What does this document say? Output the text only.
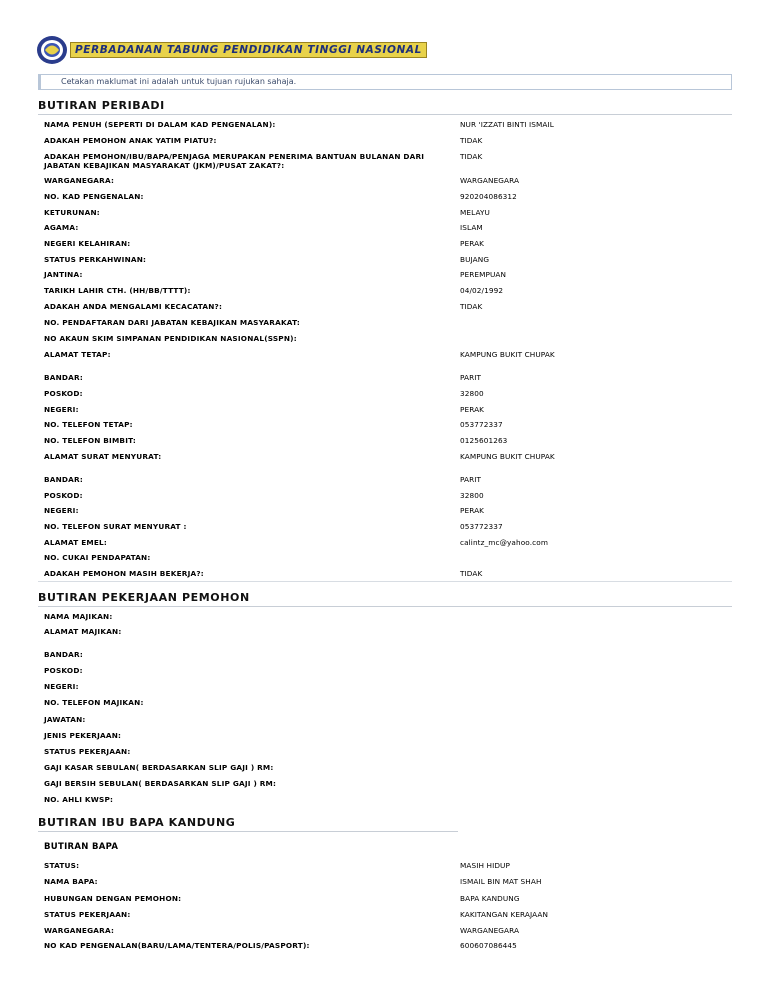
PERBADANAN TABUNG PENDIDIKAN TINGGI NASIONAL
Cetakan maklumat ini adalah untuk tujuan rujukan sahaja.
BUTIRAN PERIBADI
NAMA PENUH (SEPERTI DI DALAM KAD PENGENALAN):	NUR 'IZZATI BINTI ISMAIL
ADAKAH PEMOHON ANAK YATIM PIATU?:	TIDAK
ADAKAH PEMOHON/IBU/BAPA/PENJAGA MERUPAKAN PENERIMA BANTUAN BULANAN DARI JABATAN KEBAJIKAN MASYARAKAT (JKM)/PUSAT ZAKAT?:
TIDAK
WARGANEGARA:	WARGANEGARA
NO. KAD PENGENALAN:	920204086312
KETURUNAN:	MELAYU
AGAMA:	ISLAM
NEGERI KELAHIRAN:	PERAK
STATUS PERKAHWINAN:	BUJANG
JANTINA:	PEREMPUAN
TARIKH LAHIR CTH. (HH/BB/TTTT):	04/02/1992
ADAKAH ANDA MENGALAMI KECACATAN?:	TIDAK
NO. PENDAFTARAN DARI JABATAN KEBAJIKAN MASYARAKAT:
NO AKAUN SKIM SIMPANAN PENDIDIKAN NASIONAL(SSPN):
ALAMAT TETAP:	KAMPUNG BUKIT CHUPAK
BANDAR:	PARIT
POSKOD:	32800
NEGERI:	PERAK
NO. TELEFON TETAP:	053772337
NO. TELEFON BIMBIT:	0125601263
ALAMAT SURAT MENYURAT:	KAMPUNG BUKIT CHUPAK
BANDAR:	PARIT
POSKOD:	32800
NEGERI:	PERAK
NO. TELEFON SURAT MENYURAT :	053772337
ALAMAT EMEL:	calintz_mc@yahoo.com
NO. CUKAI PENDAPATAN:
ADAKAH PEMOHON MASIH BEKERJA?:	TIDAK
BUTIRAN PEKERJAAN PEMOHON
NAMA MAJIKAN:
ALAMAT MAJIKAN:
BANDAR:
POSKOD:
NEGERI:
NO. TELEFON MAJIKAN:
JAWATAN:
JENIS PEKERJAAN:
STATUS PEKERJAAN:
GAJI KASAR SEBULAN( BERDASARKAN SLIP GAJI ) RM:
GAJI BERSIH SEBULAN( BERDASARKAN SLIP GAJI ) RM:
NO. AHLI KWSP:
BUTIRAN IBU BAPA KANDUNG
BUTIRAN BAPA
STATUS:	MASIH HIDUP
NAMA BAPA:	ISMAIL BIN MAT SHAH
HUBUNGAN DENGAN PEMOHON:	BAPA KANDUNG
STATUS PEKERJAAN:	KAKITANGAN KERAJAAN
WARGANEGARA:	WARGANEGARA
NO KAD PENGENALAN(BARU/LAMA/TENTERA/POLIS/PASPORT):	600607086445
